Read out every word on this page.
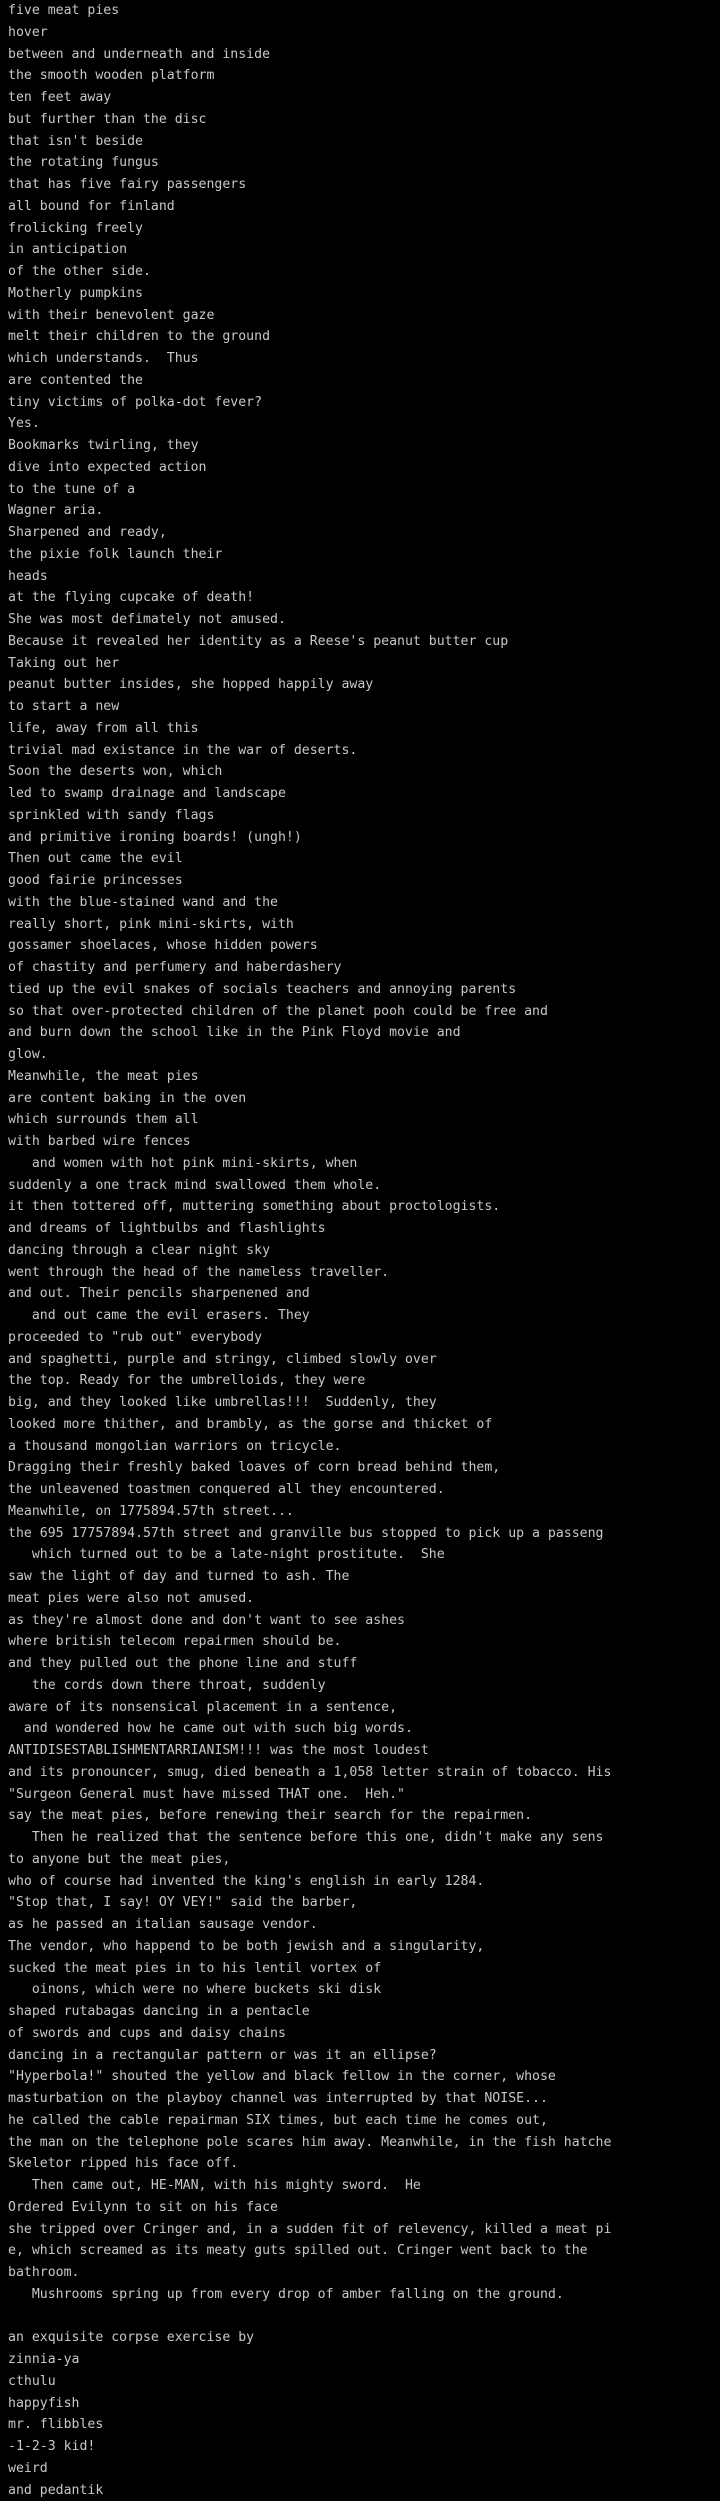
five meat pies
hover
between and underneath and inside
the smooth wooden platform
ten feet away
but further than the disc
that isn't beside
the rotating fungus
that has five fairy passengers
all bound for finland
frolicking freely
in anticipation
of the other side.
Motherly pumpkins
with their benevolent gaze
melt their children to the ground
which understands.  Thus
are contented the
tiny victims of polka-dot fever?
Yes.
Bookmarks twirling, they
dive into expected action
to the tune of a
Wagner aria.
Sharpened and ready,
the pixie folk launch their
heads
at the flying cupcake of death!
She was most defimately not amused.
Because it revealed her identity as a Reese's peanut butter cup
Taking out her
peanut butter insides, she hopped happily away
to start a new
life, away from all this
trivial mad existance in the war of deserts.
Soon the deserts won, which
led to swamp drainage and landscape
sprinkled with sandy flags
and primitive ironing boards! (ungh!)
Then out came the evil
good fairie princesses
with the blue-stained wand and the
really short, pink mini-skirts, with
gossamer shoelaces, whose hidden powers
of chastity and perfumery and haberdashery
tied up the evil snakes of socials teachers and annoying parents
so that over-protected children of the planet pooh could be free and
and burn down the school like in the Pink Floyd movie and
glow.
Meanwhile, the meat pies
are content baking in the oven
which surrounds them all
with barbed wire fences
and women with hot pink mini-skirts, when
suddenly a one track mind swallowed them whole.
it then tottered off, muttering something about proctologists.
and dreams of lightbulbs and flashlights
dancing through a clear night sky
went through the head of the nameless traveller.
and out. Their pencils sharpenened and
and out came the evil erasers. They
proceeded to "rub out" everybody
and spaghetti, purple and stringy, climbed slowly over
the top. Ready for the umbrelloids, they were
big, and they looked like umbrellas!!!  Suddenly, they
looked more thither, and brambly, as the gorse and thicket of
a thousand mongolian warriors on tricycle.
Dragging their freshly baked loaves of corn bread behind them,
the unleavened toastmen conquered all they encountered.
Meanwhile, on 1775894.57th street...
the 695 17757894.57th street and granville bus stopped to pick up a passeng
which turned out to be a late-night prostitute.  She
saw the light of day and turned to ash. The
meat pies were also not amused.
as they're almost done and don't want to see ashes
where british telecom repairmen should be.
and they pulled out the phone line and stuff
the cords down there throat, suddenly
aware of its nonsensical placement in a sentence,
and wondered how he came out with such big words.
ANTIDISESTABLISHMENTARRIANISM!!! was the most loudest
and its pronouncer, smug, died beneath a 1,058 letter strain of tobacco. His
"Surgeon General must have missed THAT one.  Heh."
say the meat pies, before renewing their search for the repairmen.
Then he realized that the sentence before this one, didn't make any sens
to anyone but the meat pies,
who of course had invented the king's english in early 1284.
"Stop that, I say! OY VEY!" said the barber,
as he passed an italian sausage vendor.
The vendor, who happend to be both jewish and a singularity,
sucked the meat pies in to his lentil vortex of
oinons, which were no where buckets ski disk
shaped rutabagas dancing in a pentacle
of swords and cups and daisy chains
dancing in a rectangular pattern or was it an ellipse?
"Hyperbola!" shouted the yellow and black fellow in the corner, whose
masturbation on the playboy channel was interrupted by that NOISE...
he called the cable repairman SIX times, but each time he comes out,
the man on the telephone pole scares him away. Meanwhile, in the fish hatche
Skeletor ripped his face off.
Then came out, HE-MAN, with his mighty sword.  He
Ordered Evilynn to sit on his face
she tripped over Cringer and, in a sudden fit of relevency, killed a meat pi
e, which screamed as its meaty guts spilled out. Cringer went back to the
bathroom.
Mushrooms spring up from every drop of amber falling on the ground.

an exquisite corpse exercise by
zinnia-ya
cthulu
happyfish
mr. flibbles
-1-2-3 kid!
weird
and pedantik
